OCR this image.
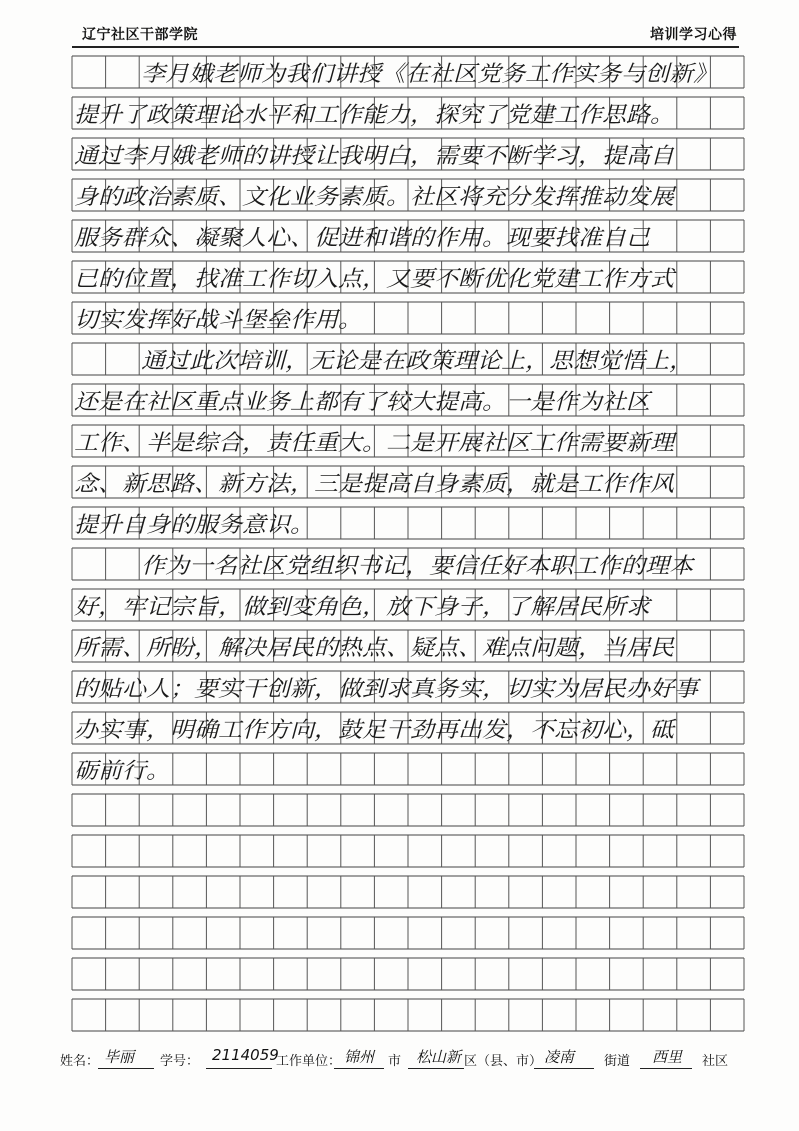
辽宁社区干部学院	培训学习心得
李月娥老师为我们讲授《在社区党务工作实务与创新》
提升了政策理论水平和工作能力，探究了党建工作思路。
通过李月娥老师的讲授让我明白，需要不断学习，提高自
身的政治素质、文化业务素质。社区将充分发挥推动发展
服务群众、凝聚人心、促进和谐的作用。现要找准自己
已的位置，找准工作切入点，又要不断优化党建工作方式
切实发挥好战斗堡垒作用。
通过此次培训，无论是在政策理论上，思想觉悟上，
还是在社区重点业务上都有了较大提高。一是作为社区
工作、半是综合，责任重大。二是开展社区工作需要新理
念、新思路、新方法，三是提高自身素质，就是工作作风
提升自身的服务意识。
作为一名社区党组织书记，要信任好本职工作的理本
好，牢记宗旨，做到变角色，放下身子，了解居民所求
所需、所盼，解决居民的热点、疑点、难点问题，当居民
的贴心人；要实干创新，做到求真务实，切实为居民办好事
办实事，明确工作方向，鼓足干劲再出发，不忘初心，砥
砺前行。
姓名： 毕丽 学号： 2114059
工作单位： 锦州 市 松山新 区（县、市） 凌南 街道 西里 社区
